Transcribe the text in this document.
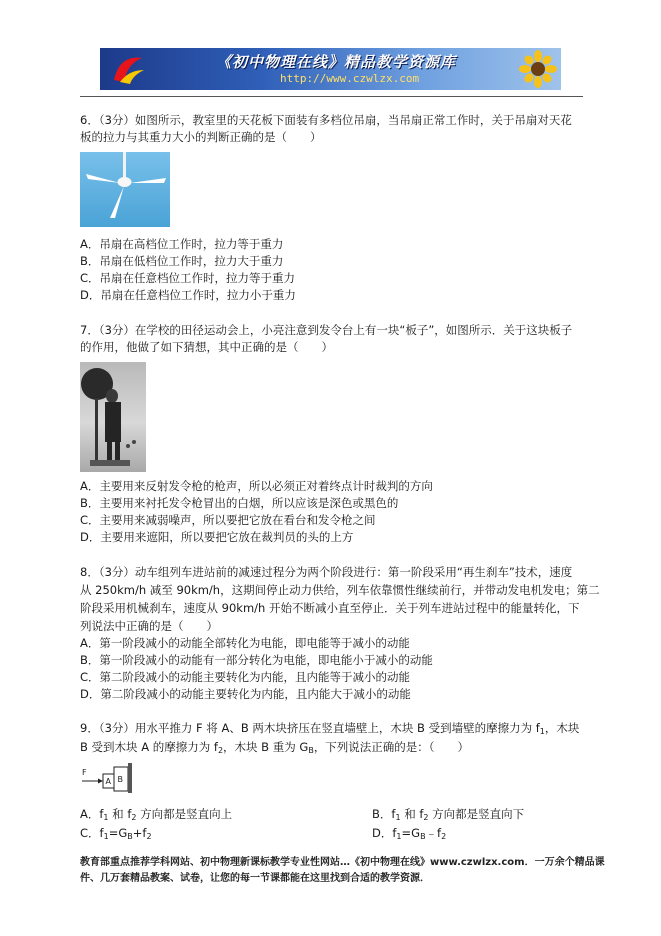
《初中物理在线》精品教学资源库
http://www.czwlzx.com
6．（3分）如图所示，教室里的天花板下面装有多档位吊扇，当吊扇正常工作时，关于吊扇对天花
板的拉力与其重力大小的判断正确的是（　　）
A．吊扇在高档位工作时，拉力等于重力
B．吊扇在低档位工作时，拉力大于重力
C．吊扇在任意档位工作时，拉力等于重力
D．吊扇在任意档位工作时，拉力小于重力
7．（3分）在学校的田径运动会上，小亮注意到发令台上有一块“板子”，如图所示．关于这块板子
的作用，他做了如下猜想，其中正确的是（　　）
A．主要用来反射发令枪的枪声，所以必须正对着终点计时裁判的方向
B．主要用来衬托发令枪冒出的白烟，所以应该是深色或黑色的
C．主要用来减弱噪声，所以要把它放在看台和发令枪之间
D．主要用来遮阳，所以要把它放在裁判员的头的上方
8．（3分）动车组列车进站前的减速过程分为两个阶段进行：第一阶段采用“再生刹车”技术，速度
从 250km/h 减至 90km/h，这期间停止动力供给，列车依靠惯性继续前行，并带动发电机发电；第二
阶段采用机械刹车，速度从 90km/h 开始不断减小直至停止．关于列车进站过程中的能量转化，下
列说法中正确的是（　　）
A．第一阶段减小的动能全部转化为电能，即电能等于减小的动能
B．第一阶段减小的动能有一部分转化为电能，即电能小于减小的动能
C．第二阶段减小的动能主要转化为内能，且内能等于减小的动能
D．第二阶段减小的动能主要转化为内能，且内能大于减小的动能
9．（3分）用水平推力 F 将 A、B 两木块挤压在竖直墙壁上，木块 B 受到墙壁的摩擦力为 $f_1$，木块
B 受到木块 A 的摩擦力为 $f_2$，木块 B 重为 $G_B$，下列说法正确的是：（　　）
F
A B
A．$f_1$ 和 $f_2$ 方向都是竖直向上	B．$f_1$ 和 $f_2$ 方向都是竖直向下
C．$f_1=G_B+f_2$	D．$f_1=G_B﹣f_2$
教育部重点推荐学科网站、初中物理新课标教学专业性网站…《初中物理在线》www.czwlzx.com．一万余个精品课
件、几万套精品教案、试卷，让您的每一节课都能在这里找到合适的教学资源．
